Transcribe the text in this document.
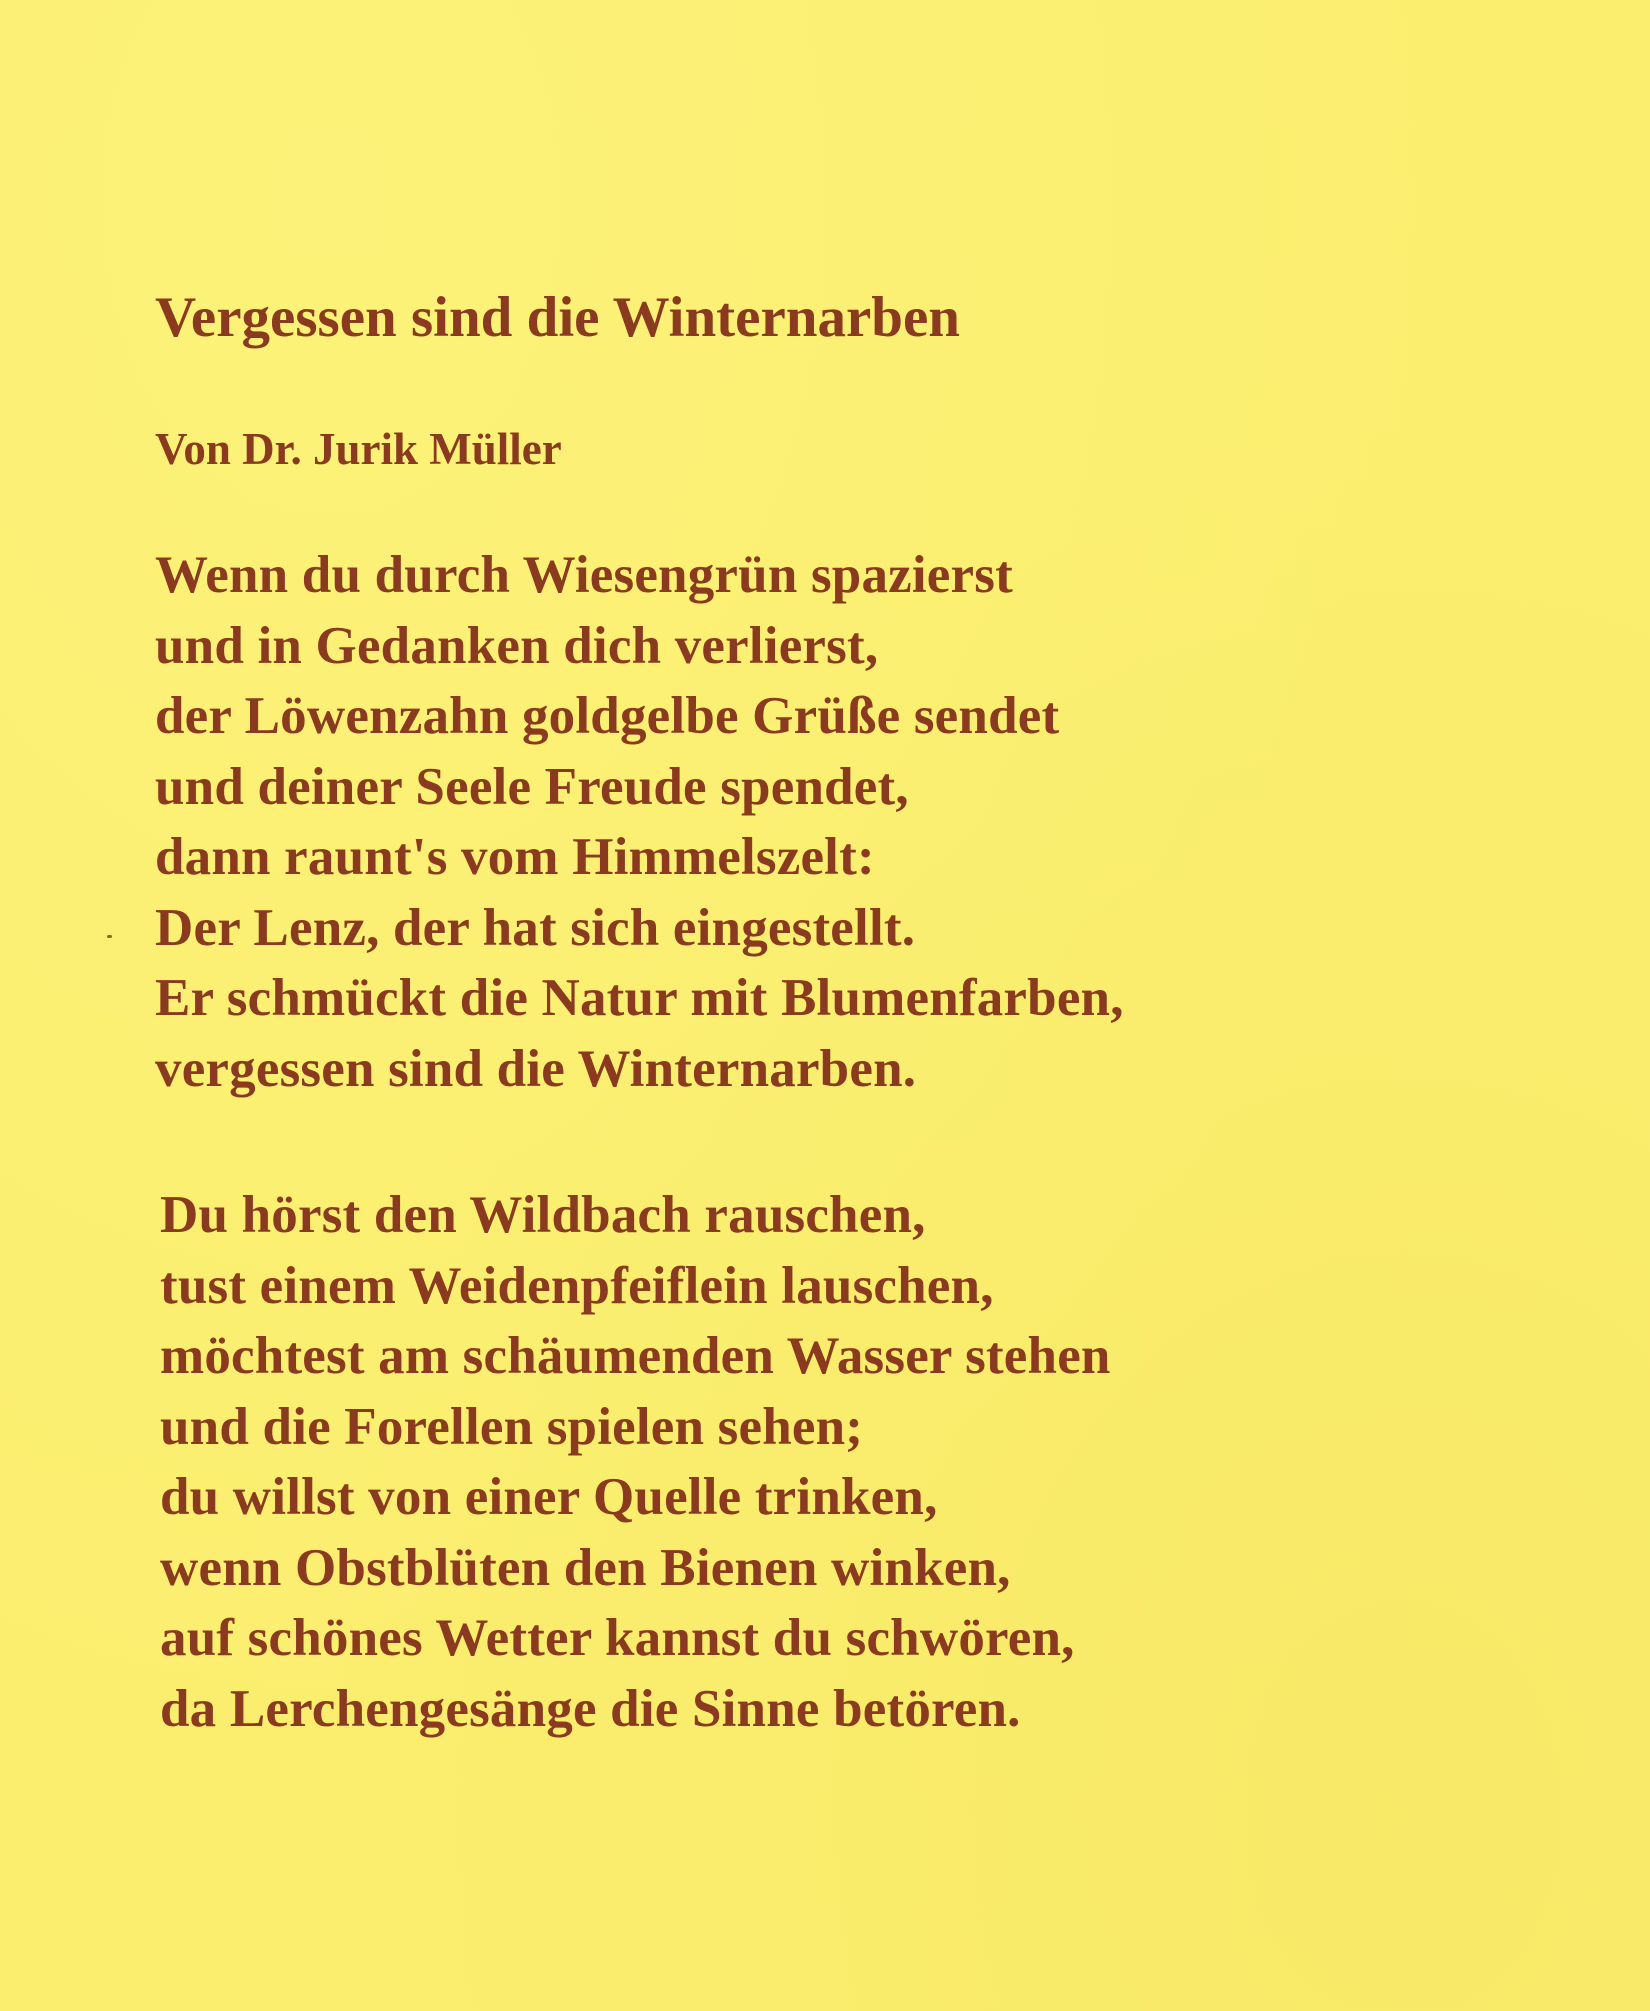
Vergessen sind die Winternarben

Von Dr. Jurik Müller

Wenn du durch Wiesengrün spazierst
und in Gedanken dich verlierst,
der Löwenzahn goldgelbe Grüße sendet
und deiner Seele Freude spendet,
dann raunt's vom Himmelszelt:
Der Lenz, der hat sich eingestellt.
Er schmückt die Natur mit Blumenfarben,
vergessen sind die Winternarben.
Du hörst den Wildbach rauschen,
tust einem Weidenpfeiflein lauschen,
möchtest am schäumenden Wasser stehen
und die Forellen spielen sehen;
du willst von einer Quelle trinken,
wenn Obstblüten den Bienen winken,
auf schönes Wetter kannst du schwören,
da Lerchengesänge die Sinne betören.
